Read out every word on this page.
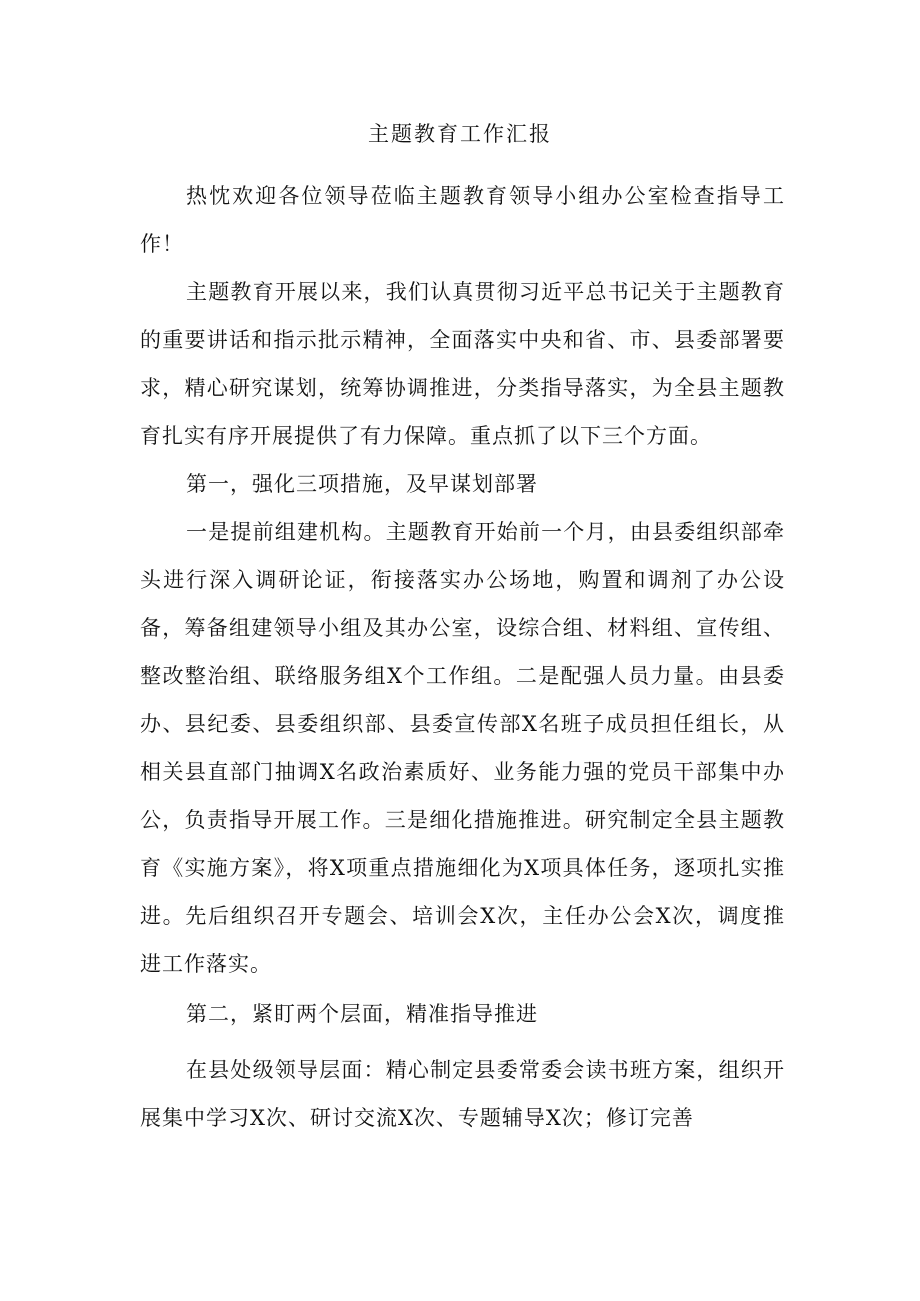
主题教育工作汇报

热忱欢迎各位领导莅临主题教育领导小组办公室检查指导工作！

主题教育开展以来，我们认真贯彻习近平总书记关于主题教育的重要讲话和指示批示精神，全面落实中央和省、市、县委部署要求，精心研究谋划，统筹协调推进，分类指导落实，为全县主题教育扎实有序开展提供了有力保障。重点抓了以下三个方面。

第一，强化三项措施，及早谋划部署

一是提前组建机构。主题教育开始前一个月，由县委组织部牵头进行深入调研论证，衔接落实办公场地，购置和调剂了办公设备，筹备组建领导小组及其办公室，设综合组、材料组、宣传组、整改整治组、联络服务组X个工作组。二是配强人员力量。由县委办、县纪委、县委组织部、县委宣传部X名班子成员担任组长，从相关县直部门抽调X名政治素质好、业务能力强的党员干部集中办公，负责指导开展工作。三是细化措施推进。研究制定全县主题教育《实施方案》，将X项重点措施细化为X项具体任务，逐项扎实推进。先后组织召开专题会、培训会X次，主任办公会X次，调度推进工作落实。

第二，紧盯两个层面，精准指导推进

在县处级领导层面：精心制定县委常委会读书班方案，组织开展集中学习X次、研讨交流X次、专题辅导X次；修订完善
